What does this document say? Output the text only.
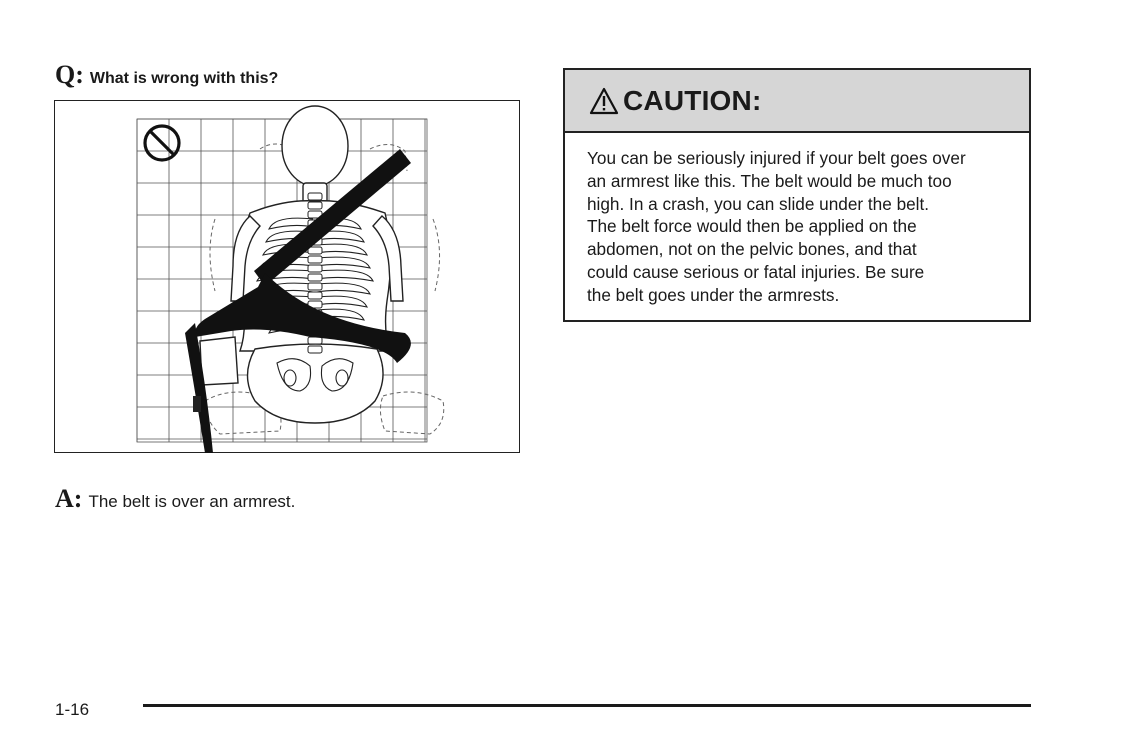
Q: What is wrong with this?
A: The belt is over an armrest.
CAUTION:
You can be seriously injured if your belt goes over
an armrest like this. The belt would be much too
high. In a crash, you can slide under the belt.
The belt force would then be applied on the
abdomen, not on the pelvic bones, and that
could cause serious or fatal injuries. Be sure
the belt goes under the armrests.
1-16
